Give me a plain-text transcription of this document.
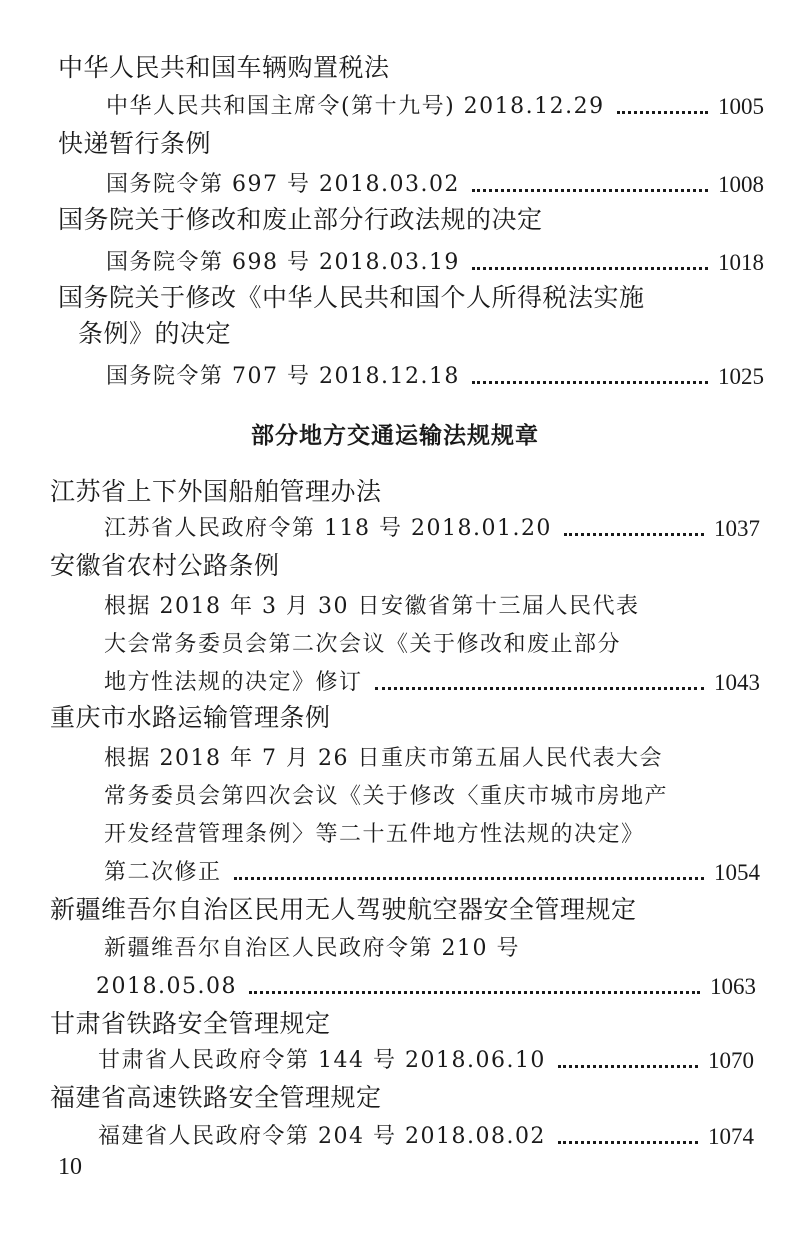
中华人民共和国车辆购置税法
中华人民共和国主席令(第十九号) 2018.12.29	1005
快递暂行条例
国务院令第 697 号 2018.03.02	1008
国务院关于修改和废止部分行政法规的决定
国务院令第 698 号 2018.03.19	1018
国务院关于修改《中华人民共和国个人所得税法实施
条例》的决定
国务院令第 707 号 2018.12.18	1025
部分地方交通运输法规规章
江苏省上下外国船舶管理办法
江苏省人民政府令第 118 号 2018.01.20	1037
安徽省农村公路条例
根据 2018 年 3 月 30 日安徽省第十三届人民代表
大会常务委员会第二次会议《关于修改和废止部分
地方性法规的决定》修订	1043
重庆市水路运输管理条例
根据 2018 年 7 月 26 日重庆市第五届人民代表大会
常务委员会第四次会议《关于修改〈重庆市城市房地产
开发经营管理条例〉等二十五件地方性法规的决定》
第二次修正	1054
新疆维吾尔自治区民用无人驾驶航空器安全管理规定
新疆维吾尔自治区人民政府令第 210 号
2018.05.08	1063
甘肃省铁路安全管理规定
甘肃省人民政府令第 144 号 2018.06.10	1070
福建省高速铁路安全管理规定
福建省人民政府令第 204 号 2018.08.02	1074
10
